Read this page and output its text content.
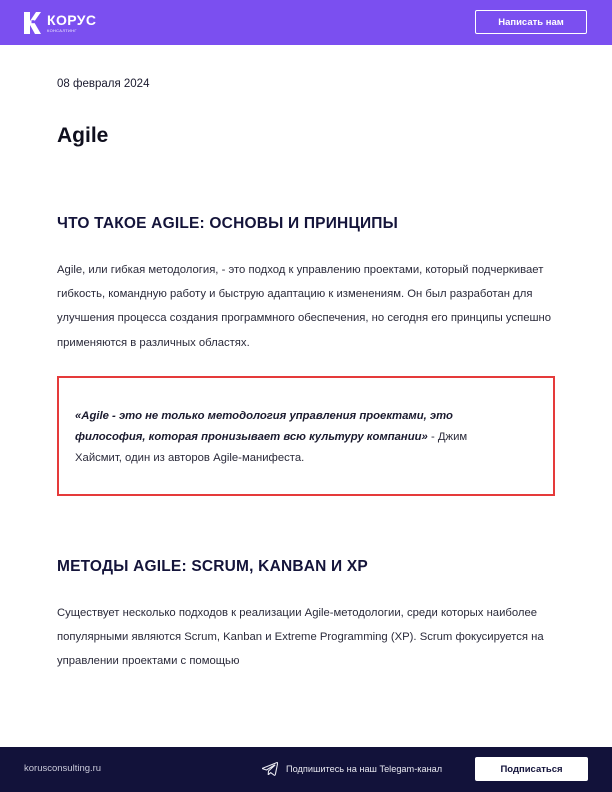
КОРУС
КОНСАЛТИНГ
Написать нам
08 февраля 2024
Agile
ЧТО ТАКОЕ AGILE: ОСНОВЫ И ПРИНЦИПЫ

Agile, или гибкая методология, - это подход к управлению проектами, который подчеркивает гибкость, командную работу и быструю адаптацию к изменениям. Он был разработан для улучшения процесса создания программного обеспечения, но сегодня его принципы успешно применяются в различных областях.

«Agile - это не только методология управления проектами, это философия, которая пронизывает всю культуру компании» - Джим Хайсмит, один из авторов Agile-манифеста.

МЕТОДЫ AGILE: SCRUM, KANBAN И XP

Существует несколько подходов к реализации Agile-методологии, среди которых наиболее популярными являются Scrum, Kanban и Extreme Programming (XP). Scrum фокусируется на управлении проектами с помощью

korusconsulting.ru	Подпишитесь на наш Telegam-канал	Подписаться
